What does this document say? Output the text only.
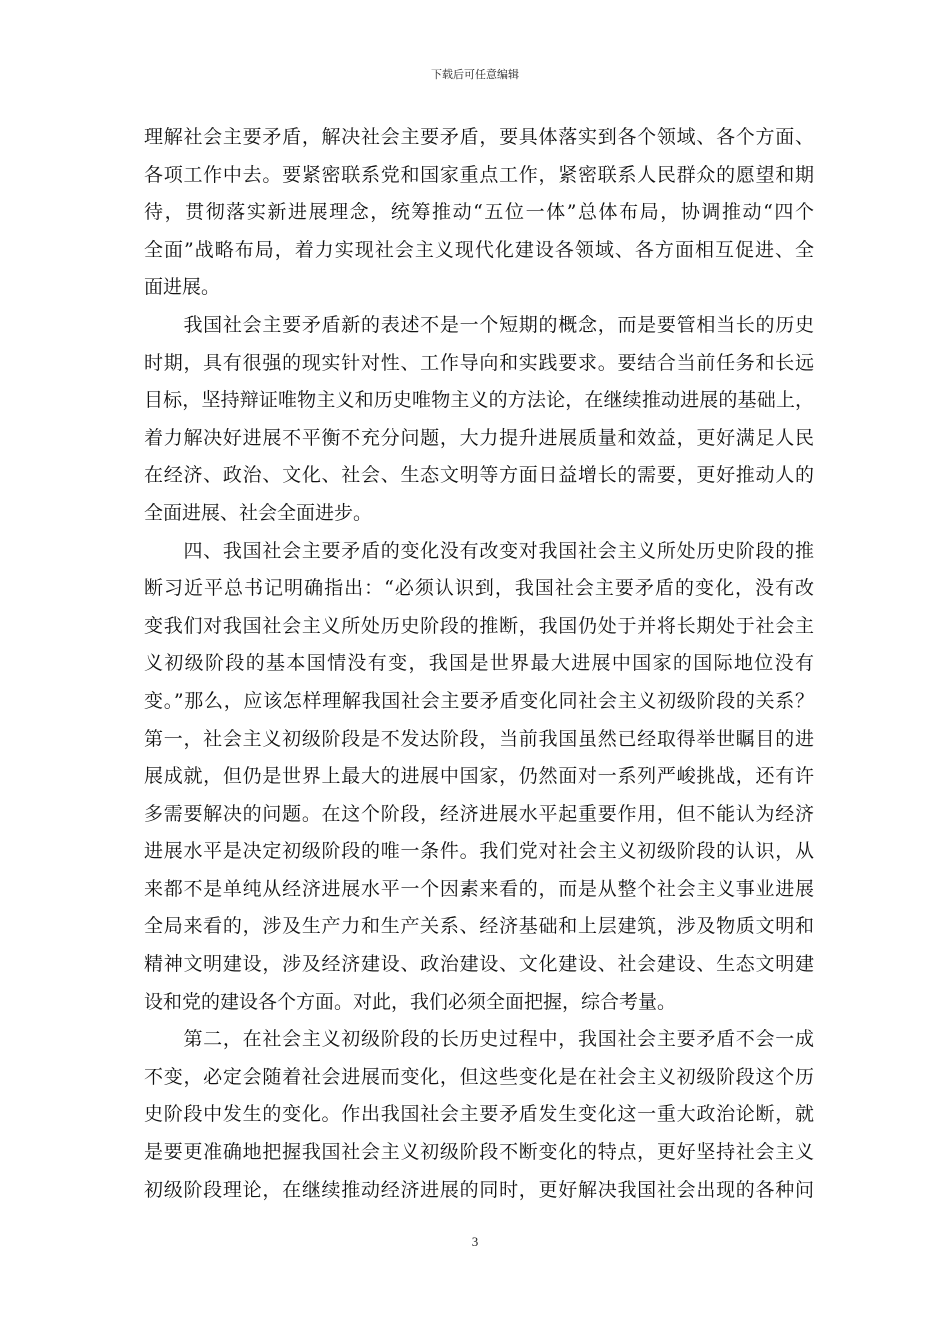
下载后可任意编辑
理解社会主要矛盾，解决社会主要矛盾，要具体落实到各个领域、各个方面、
各项工作中去。要紧密联系党和国家重点工作，紧密联系人民群众的愿望和期
待，贯彻落实新进展理念，统筹推动“五位一体”总体布局，协调推动“四个
全面”战略布局，着力实现社会主义现代化建设各领域、各方面相互促进、全
面进展。
　　我国社会主要矛盾新的表述不是一个短期的概念，而是要管相当长的历史
时期，具有很强的现实针对性、工作导向和实践要求。要结合当前任务和长远
目标，坚持辩证唯物主义和历史唯物主义的方法论，在继续推动进展的基础上，
着力解决好进展不平衡不充分问题，大力提升进展质量和效益，更好满足人民
在经济、政治、文化、社会、生态文明等方面日益增长的需要，更好推动人的
全面进展、社会全面进步。
　　四、我国社会主要矛盾的变化没有改变对我国社会主义所处历史阶段的推
断习近平总书记明确指出：“必须认识到，我国社会主要矛盾的变化，没有改
变我们对我国社会主义所处历史阶段的推断，我国仍处于并将长期处于社会主
义初级阶段的基本国情没有变，我国是世界最大进展中国家的国际地位没有
变。”那么，应该怎样理解我国社会主要矛盾变化同社会主义初级阶段的关系？
第一，社会主义初级阶段是不发达阶段，当前我国虽然已经取得举世瞩目的进
展成就，但仍是世界上最大的进展中国家，仍然面对一系列严峻挑战，还有许
多需要解决的问题。在这个阶段，经济进展水平起重要作用，但不能认为经济
进展水平是决定初级阶段的唯一条件。我们党对社会主义初级阶段的认识，从
来都不是单纯从经济进展水平一个因素来看的，而是从整个社会主义事业进展
全局来看的，涉及生产力和生产关系、经济基础和上层建筑，涉及物质文明和
精神文明建设，涉及经济建设、政治建设、文化建设、社会建设、生态文明建
设和党的建设各个方面。对此，我们必须全面把握，综合考量。
　　第二，在社会主义初级阶段的长历史过程中，我国社会主要矛盾不会一成
不变，必定会随着社会进展而变化，但这些变化是在社会主义初级阶段这个历
史阶段中发生的变化。作出我国社会主要矛盾发生变化这一重大政治论断，就
是要更准确地把握我国社会主义初级阶段不断变化的特点，更好坚持社会主义
初级阶段理论，在继续推动经济进展的同时，更好解决我国社会出现的各种问
3
